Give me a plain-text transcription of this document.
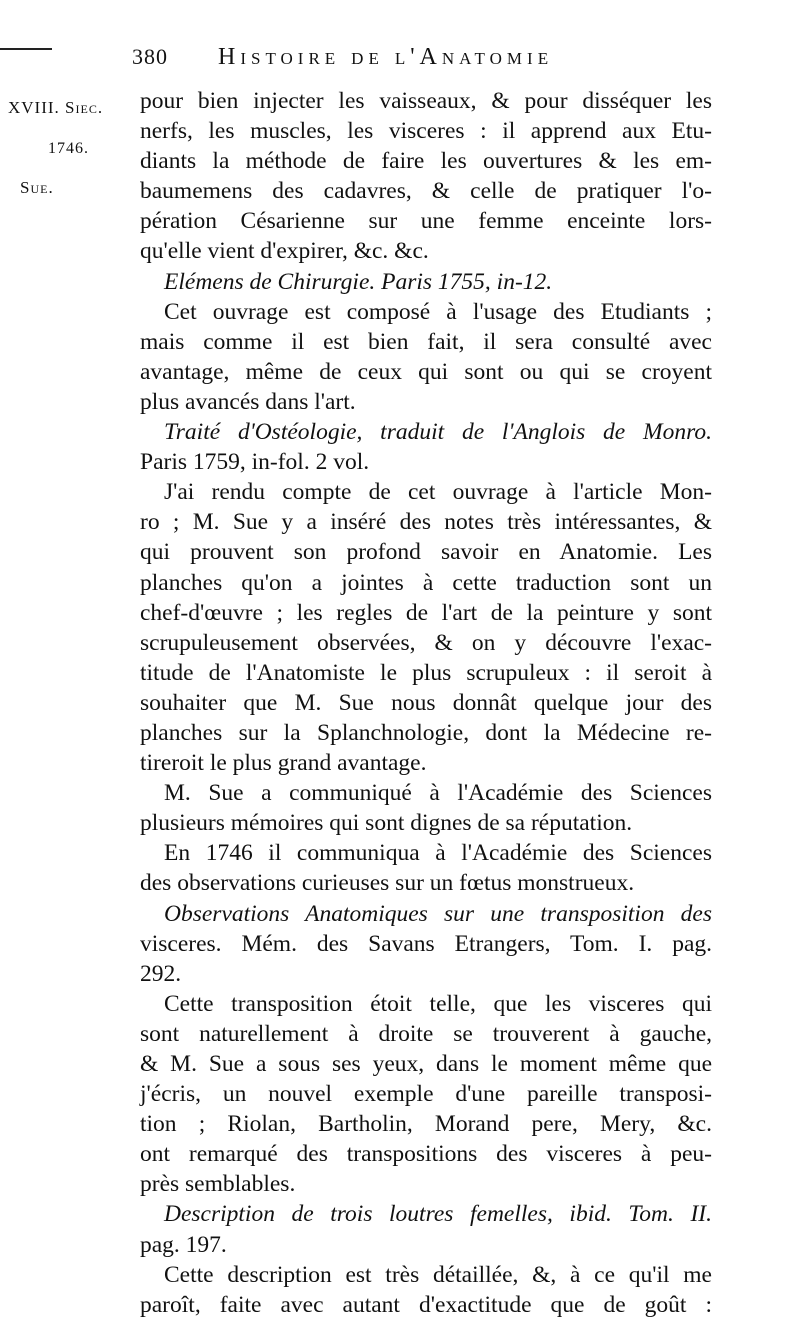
380 Histoire de l'Anatomie
XVIII. Siec.
1746.
Sue.
pour bien injecter les vaisseaux, & pour disséquer les
nerfs, les muscles, les visceres : il apprend aux Etu-
diants la méthode de faire les ouvertures & les em-
baumemens des cadavres, & celle de pratiquer l'o-
pération Césarienne sur une femme enceinte lors-
qu'elle vient d'expirer, &c. &c.
Elémens de Chirurgie. Paris 1755, in-12.
Cet ouvrage est composé à l'usage des Etudiants ;
mais comme il est bien fait, il sera consulté avec
avantage, même de ceux qui sont ou qui se croyent
plus avancés dans l'art.
Traité d'Ostéologie, traduit de l'Anglois de Monro.
Paris 1759, in-fol. 2 vol.
J'ai rendu compte de cet ouvrage à l'article Mon-
ro ; M. Sue y a inséré des notes très intéressantes, &
qui prouvent son profond savoir en Anatomie. Les
planches qu'on a jointes à cette traduction sont un
chef-d'œuvre ; les regles de l'art de la peinture y sont
scrupuleusement observées, & on y découvre l'exac-
titude de l'Anatomiste le plus scrupuleux : il seroit à
souhaiter que M. Sue nous donnât quelque jour des
planches sur la Splanchnologie, dont la Médecine re-
tireroit le plus grand avantage.
M. Sue a communiqué à l'Académie des Sciences
plusieurs mémoires qui sont dignes de sa réputation.
En 1746 il communiqua à l'Académie des Sciences
des observations curieuses sur un fœtus monstrueux.
Observations Anatomiques sur une transposition des
visceres. Mém. des Savans Etrangers, Tom. I. pag.
292.
Cette transposition étoit telle, que les visceres qui
sont naturellement à droite se trouverent à gauche,
& M. Sue a sous ses yeux, dans le moment même que
j'écris, un nouvel exemple d'une pareille transposi-
tion ; Riolan, Bartholin, Morand pere, Mery, &c.
ont remarqué des transpositions des visceres à peu-
près semblables.
Description de trois loutres femelles, ibid. Tom. II.
pag. 197.
Cette description est très détaillée, &, à ce qu'il me
paroît, faite avec autant d'exactitude que de goût :
